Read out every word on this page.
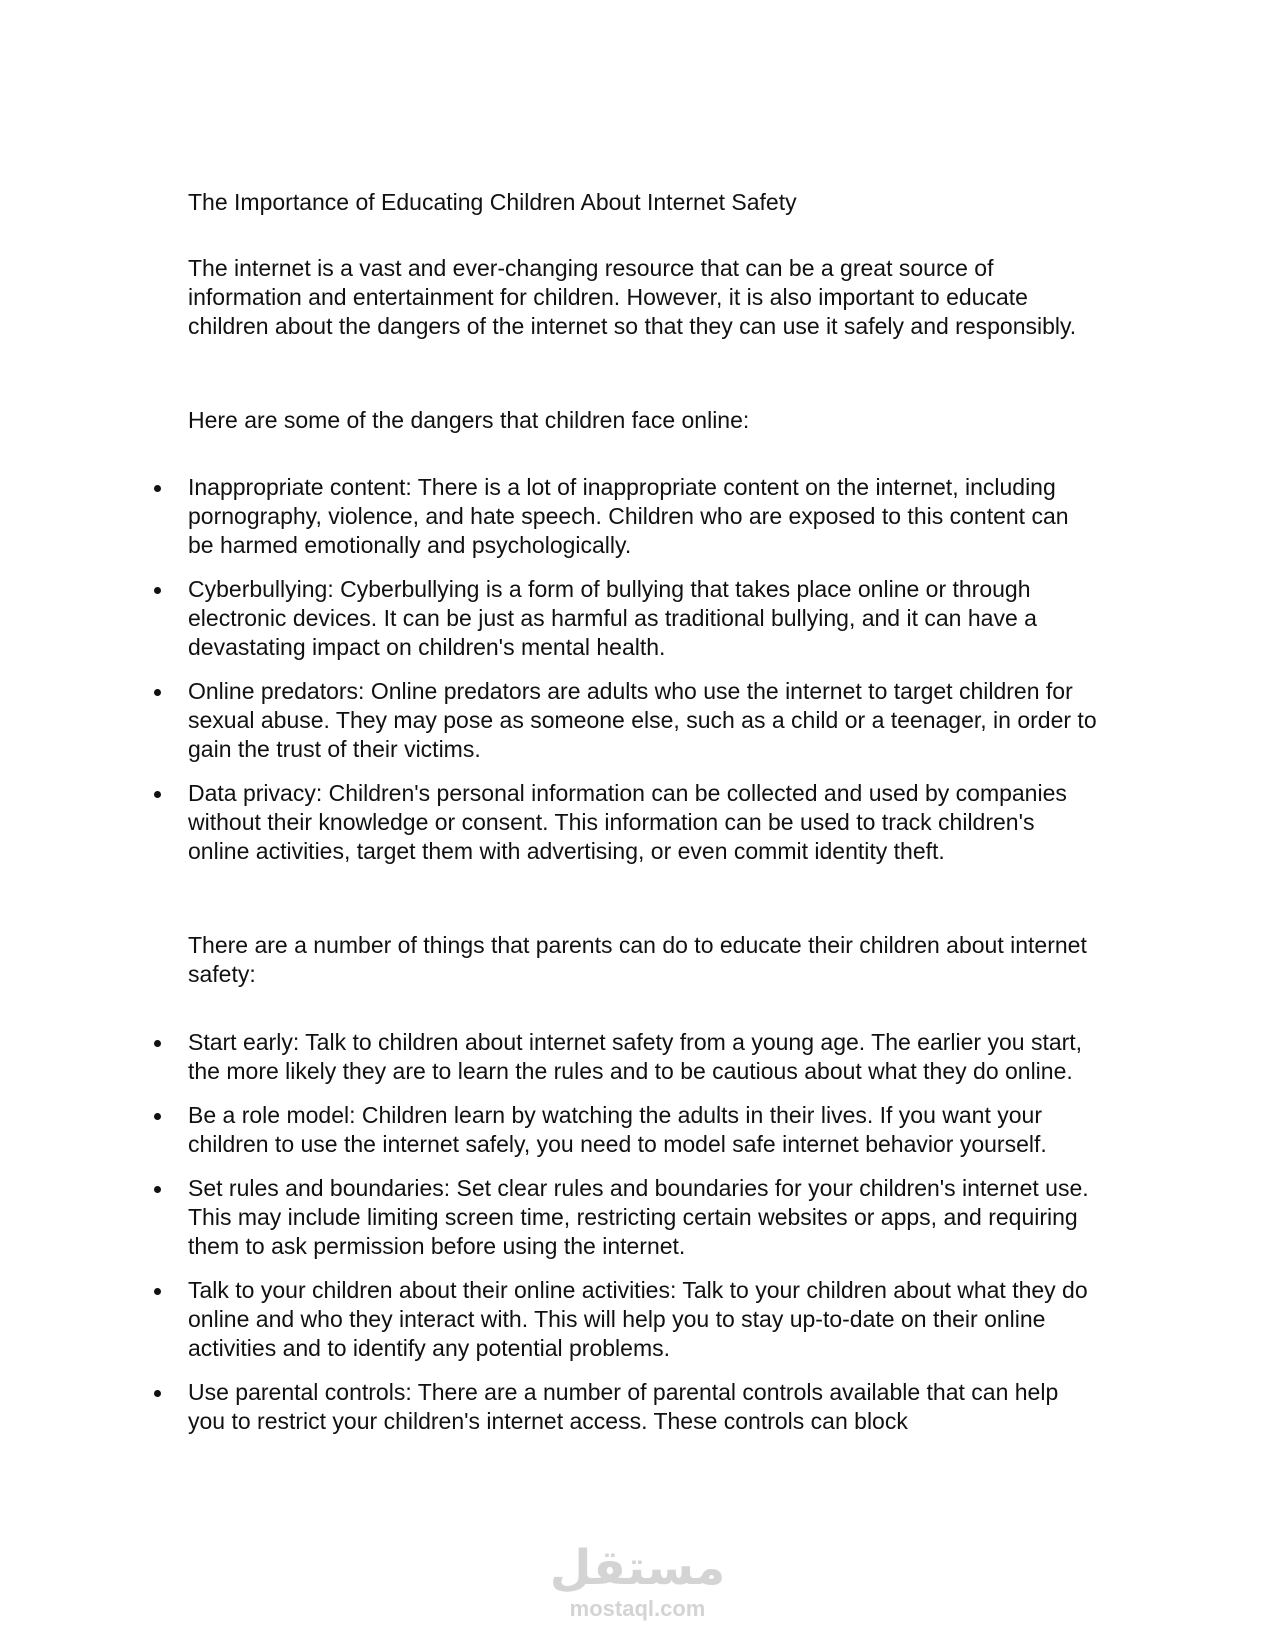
The Importance of Educating Children About Internet Safety

The internet is a vast and ever-changing resource that can be a great source of information and entertainment for children. However, it is also important to educate children about the dangers of the internet so that they can use it safely and responsibly.

Here are some of the dangers that children face online:

Inappropriate content: There is a lot of inappropriate content on the internet, including pornography, violence, and hate speech. Children who are exposed to this content can be harmed emotionally and psychologically.
Cyberbullying: Cyberbullying is a form of bullying that takes place online or through electronic devices. It can be just as harmful as traditional bullying, and it can have a devastating impact on children's mental health.
Online predators: Online predators are adults who use the internet to target children for sexual abuse. They may pose as someone else, such as a child or a teenager, in order to gain the trust of their victims.
Data privacy: Children's personal information can be collected and used by companies without their knowledge or consent. This information can be used to track children's online activities, target them with advertising, or even commit identity theft.

There are a number of things that parents can do to educate their children about internet safety:

Start early: Talk to children about internet safety from a young age. The earlier you start, the more likely they are to learn the rules and to be cautious about what they do online.
Be a role model: Children learn by watching the adults in their lives. If you want your children to use the internet safely, you need to model safe internet behavior yourself.
Set rules and boundaries: Set clear rules and boundaries for your children's internet use. This may include limiting screen time, restricting certain websites or apps, and requiring them to ask permission before using the internet.
Talk to your children about their online activities: Talk to your children about what they do online and who they interact with. This will help you to stay up-to-date on their online activities and to identify any potential problems.
Use parental controls: There are a number of parental controls available that can help you to restrict your children's internet access. These controls can block
مستقل
mostaql.com
